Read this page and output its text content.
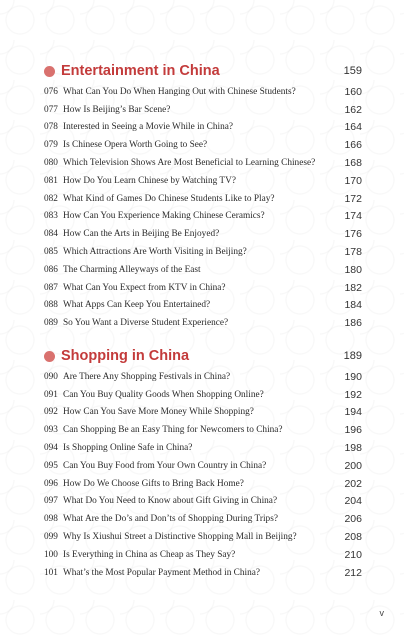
Entertainment in China	159
076 What Can You Do When Hanging Out with Chinese Students?	160
077 How Is Beijing’s Bar Scene?	162
078 Interested in Seeing a Movie While in China?	164
079 Is Chinese Opera Worth Going to See?	166
080 Which Television Shows Are Most Beneficial to Learning Chinese?	168
081 How Do You Learn Chinese by Watching TV?	170
082 What Kind of Games Do Chinese Students Like to Play?	172
083 How Can You Experience Making Chinese Ceramics?	174
084 How Can the Arts in Beijing Be Enjoyed?	176
085 Which Attractions Are Worth Visiting in Beijing?	178
086 The Charming Alleyways of the East	180
087 What Can You Expect from KTV in China?	182
088 What Apps Can Keep You Entertained?	184
089 So You Want a Diverse Student Experience?	186
Shopping in China	189
090 Are There Any Shopping Festivals in China?	190
091 Can You Buy Quality Goods When Shopping Online?	192
092 How Can You Save More Money While Shopping?	194
093 Can Shopping Be an Easy Thing for Newcomers to China?	196
094 Is Shopping Online Safe in China?	198
095 Can You Buy Food from Your Own Country in China?	200
096 How Do We Choose Gifts to Bring Back Home?	202
097 What Do You Need to Know about Gift Giving in China?	204
098 What Are the Do’s and Don’ts of Shopping During Trips?	206
099 Why Is Xiushui Street a Distinctive Shopping Mall in Beijing?	208
100 Is Everything in China as Cheap as They Say?	210
101 What’s the Most Popular Payment Method in China?	212
v
